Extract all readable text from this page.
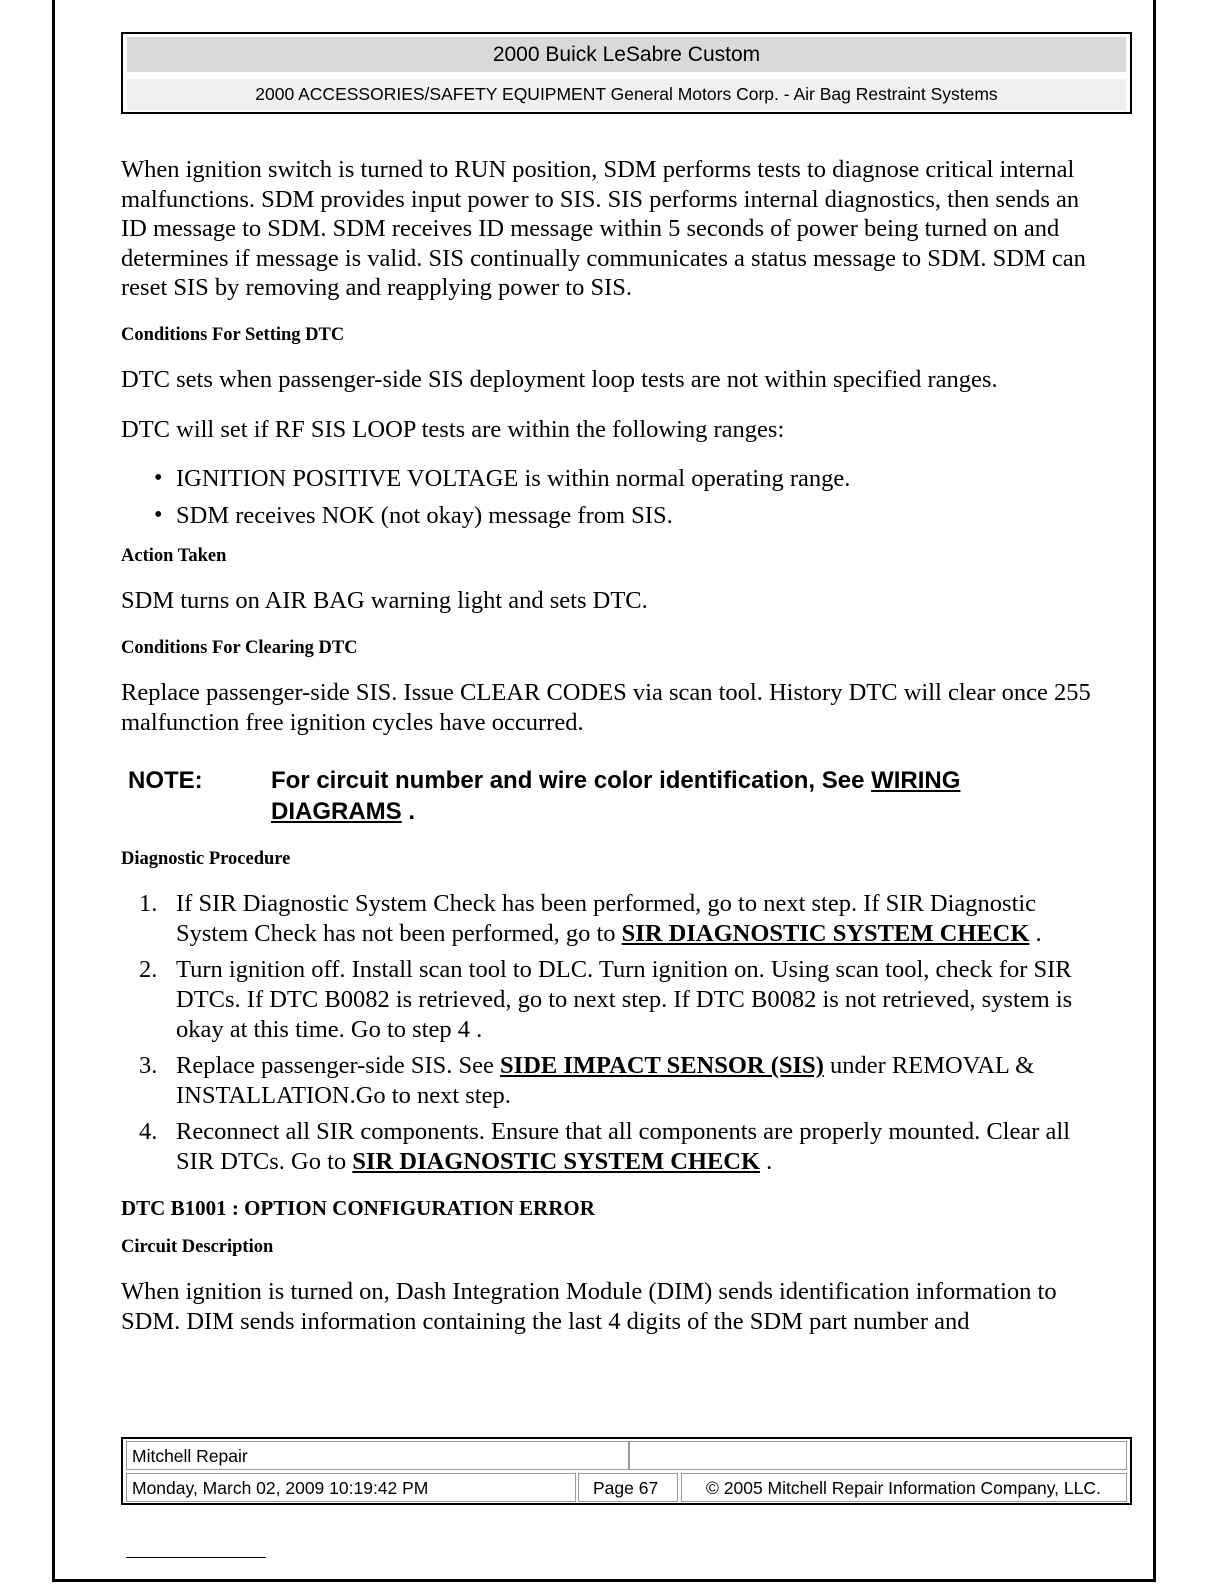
2000 Buick LeSabre Custom
2000 ACCESSORIES/SAFETY EQUIPMENT General Motors Corp. - Air Bag Restraint Systems

When ignition switch is turned to RUN position, SDM performs tests to diagnose critical internal malfunctions. SDM provides input power to SIS. SIS performs internal diagnostics, then sends an ID message to SDM. SDM receives ID message within 5 seconds of power being turned on and determines if message is valid. SIS continually communicates a status message to SDM. SDM can reset SIS by removing and reapplying power to SIS.

Conditions For Setting DTC

DTC sets when passenger-side SIS deployment loop tests are not within specified ranges.

DTC will set if RF SIS LOOP tests are within the following ranges:

• IGNITION POSITIVE VOLTAGE is within normal operating range.
• SDM receives NOK (not okay) message from SIS.
Action Taken

SDM turns on AIR BAG warning light and sets DTC.

Conditions For Clearing DTC

Replace passenger-side SIS. Issue CLEAR CODES via scan tool. History DTC will clear once 255 malfunction free ignition cycles have occurred.

NOTE:	For circuit number and wire color identification, See WIRING DIAGRAMS .
Diagnostic Procedure
1. If SIR Diagnostic System Check has been performed, go to next step. If SIR Diagnostic System Check has not been performed, go to SIR DIAGNOSTIC SYSTEM CHECK .
2. Turn ignition off. Install scan tool to DLC. Turn ignition on. Using scan tool, check for SIR DTCs. If DTC B0082 is retrieved, go to next step. If DTC B0082 is not retrieved, system is okay at this time. Go to step 4 .
3. Replace passenger-side SIS. See SIDE IMPACT SENSOR (SIS) under REMOVAL & INSTALLATION.Go to next step.
4. Reconnect all SIR components. Ensure that all components are properly mounted. Clear all SIR DTCs. Go to SIR DIAGNOSTIC SYSTEM CHECK .
DTC B1001 : OPTION CONFIGURATION ERROR
Circuit Description

When ignition is turned on, Dash Integration Module (DIM) sends identification information to SDM. DIM sends information containing the last 4 digits of the SDM part number and

Mitchell Repair
Monday, March 02, 2009 10:19:42 PM	Page 67	© 2005 Mitchell Repair Information Company, LLC.
